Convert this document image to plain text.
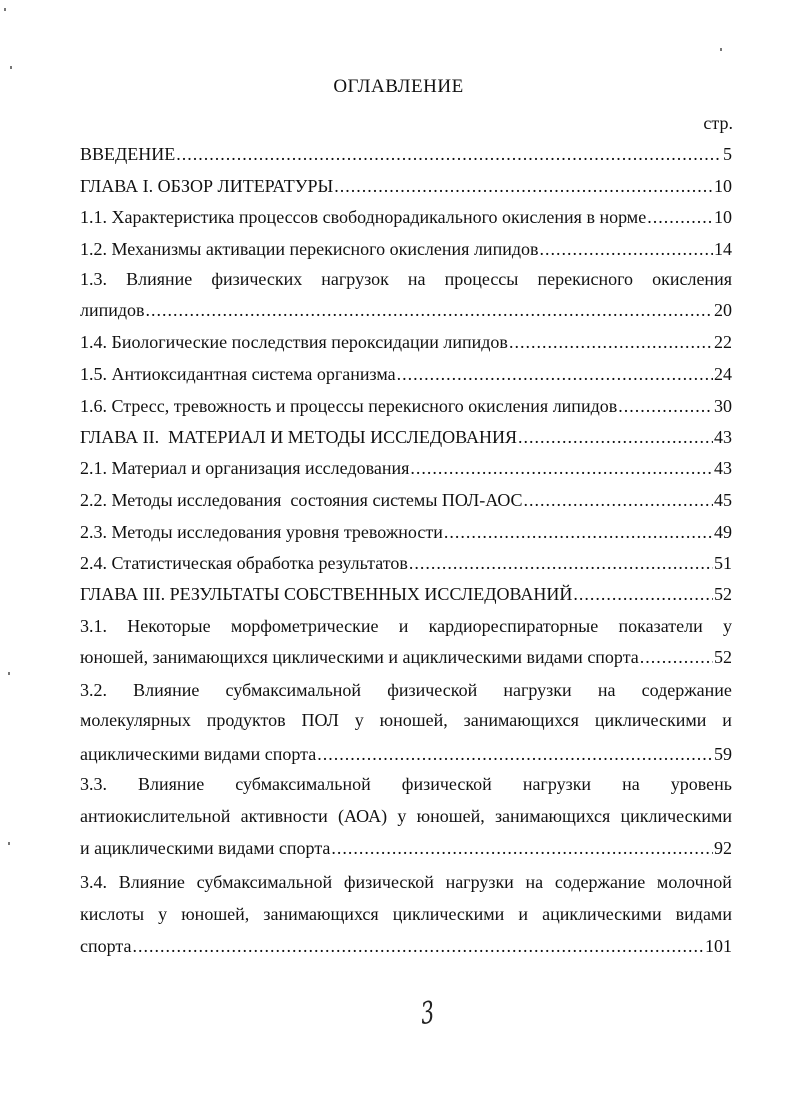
ОГЛАВЛЕНИЕ
стр.
ВВЕДЕНИЕ .....	5
ГЛАВА I. ОБЗОР ЛИТЕРАТУРЫ .....	10
1.1. Характеристика процессов свободнорадикального окисления в норме .....	10
1.2. Механизмы активации перекисного окисления липидов .....	14
1.3. Влияние физических нагрузок на процессы перекисного окисления
липидов .....	20
1.4. Биологические последствия пероксидации липидов .....	22
1.5. Антиоксидантная система организма .....	24
1.6. Стресс, тревожность и процессы перекисного окисления липидов .....	30
ГЛАВА II.  МАТЕРИАЛ И МЕТОДЫ ИССЛЕДОВАНИЯ .....	43
2.1. Материал и организация исследования .....	43
2.2. Методы исследования  состояния системы ПОЛ-АОС .....	45
2.3. Методы исследования уровня тревожности .....	49
2.4. Статистическая обработка результатов .....	51
ГЛАВА III. РЕЗУЛЬТАТЫ СОБСТВЕННЫХ ИССЛЕДОВАНИЙ .....	52
3.1. Некоторые морфометрические и кардиореспираторные показатели у
юношей, занимающихся циклическими и ациклическими видами спорта .....	52
3.2. Влияние субмаксимальной физической нагрузки на содержание
молекулярных продуктов ПОЛ у юношей, занимающихся циклическими и
ациклическими видами спорта .....	59
3.3. Влияние субмаксимальной физической нагрузки на уровень
антиокислительной активности (АОА) у юношей, занимающихся циклическими
и ациклическими видами спорта .....	92
3.4. Влияние субмаксимальной физической нагрузки на содержание молочной
кислоты у юношей, занимающихся циклическими и ациклическими видами
спорта .....	101
3
